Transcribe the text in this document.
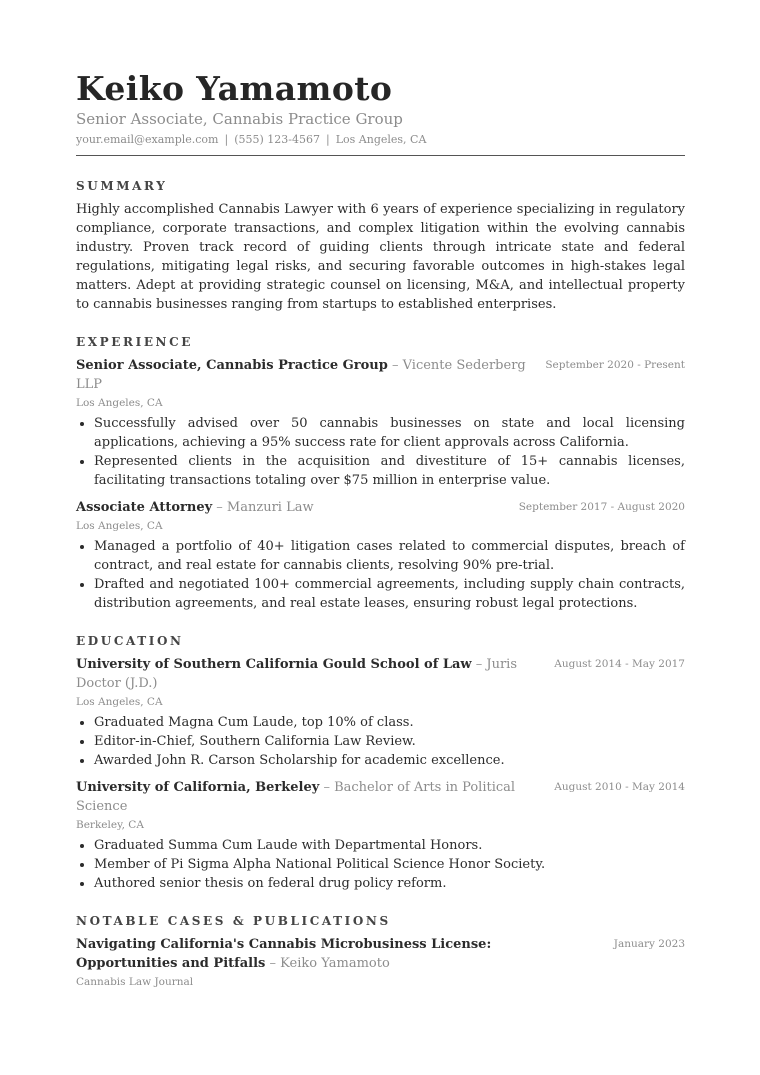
Keiko Yamamoto
Senior Associate, Cannabis Practice Group
your.email@example.com | (555) 123-4567 | Los Angeles, CA
SUMMARY

Highly accomplished Cannabis Lawyer with 6 years of experience specializing in regulatory compliance, corporate transactions, and complex litigation within the evolving cannabis industry. Proven track record of guiding clients through intricate state and federal regulations, mitigating legal risks, and securing favorable outcomes in high-stakes legal matters. Adept at providing strategic counsel on licensing, M&A, and intellectual property to cannabis businesses ranging from startups to established enterprises.

EXPERIENCE
Senior Associate, Cannabis Practice Group – Vicente Sederberg LLP
September 2020 - Present
Los Angeles, CA
• Successfully advised over 50 cannabis businesses on state and local licensing applications, achieving a 95% success rate for client approvals across California.
• Represented clients in the acquisition and divestiture of 15+ cannabis licenses, facilitating transactions totaling over $75 million in enterprise value.
Associate Attorney – Manzuri Law	September 2017 - August 2020
Los Angeles, CA
• Managed a portfolio of 40+ litigation cases related to commercial disputes, breach of contract, and real estate for cannabis clients, resolving 90% pre-trial.
• Drafted and negotiated 100+ commercial agreements, including supply chain contracts, distribution agreements, and real estate leases, ensuring robust legal protections.
EDUCATION
University of Southern California Gould School of Law – Juris Doctor (J.D.)
August 2014 - May 2017
Los Angeles, CA
• Graduated Magna Cum Laude, top 10% of class.
• Editor-in-Chief, Southern California Law Review.
• Awarded John R. Carson Scholarship for academic excellence.
University of California, Berkeley – Bachelor of Arts in Political Science
August 2010 - May 2014
Berkeley, CA
• Graduated Summa Cum Laude with Departmental Honors.
• Member of Pi Sigma Alpha National Political Science Honor Society.
• Authored senior thesis on federal drug policy reform.
NOTABLE CASES & PUBLICATIONS
Navigating California's Cannabis Microbusiness License: Opportunities and Pitfalls – Keiko Yamamoto
January 2023
Cannabis Law Journal
